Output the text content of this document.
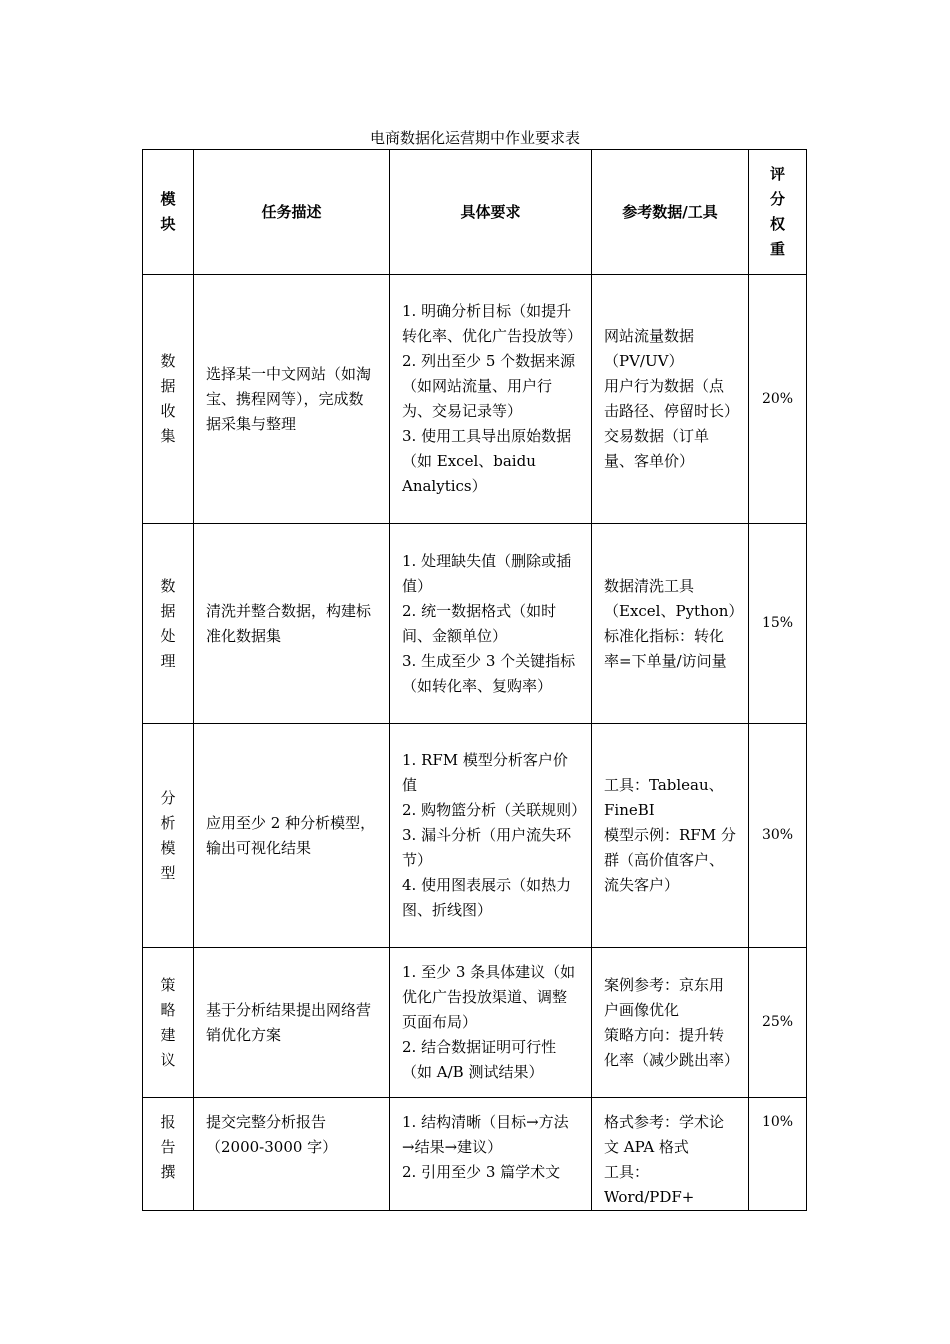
电商数据化运营期中作业要求表
模块	任务描述	具体要求	参考数据/工具	评分权重

数据收集	选择某一中文网站（如淘宝、携程网等），完成数据采集与整理	1. 明确分析目标（如提升转化率、优化广告投放等）
2. 列出至少 5 个数据来源（如网站流量、用户行为、交易记录等）
3. 使用工具导出原始数据（如 Excel、baidu Analytics）	网站流量数据（PV/UV）
用户行为数据（点击路径、停留时长）
交易数据（订单量、客单价）	20%

数据处理	清洗并整合数据，构建标准化数据集	1. 处理缺失值（删除或插值）
2. 统一数据格式（如时间、金额单位）
3. 生成至少 3 个关键指标（如转化率、复购率）	数据清洗工具（Excel、Python）
标准化指标：转化率=下单量/访问量	15%

分析模型	应用至少 2 种分析模型，输出可视化结果	1. RFM 模型分析客户价值
2. 购物篮分析（关联规则）
3. 漏斗分析（用户流失环节）
4. 使用图表展示（如热力图、折线图）	工具：Tableau、FineBI
模型示例：RFM 分群（高价值客户、流失客户）	30%

策略建议	基于分析结果提出网络营销优化方案	1. 至少 3 条具体建议（如优化广告投放渠道、调整页面布局）
2. 结合数据证明可行性（如 A/B 测试结果）	案例参考：京东用户画像优化
策略方向：提升转化率（减少跳出率）	25%

报告撰	提交完整分析报告（2000-3000 字）	1. 结构清晰（目标→方法→结果→建议）
2. 引用至少 3 篇学术文	格式参考：学术论文 APA 格式
工具：Word/PDF+	10%
